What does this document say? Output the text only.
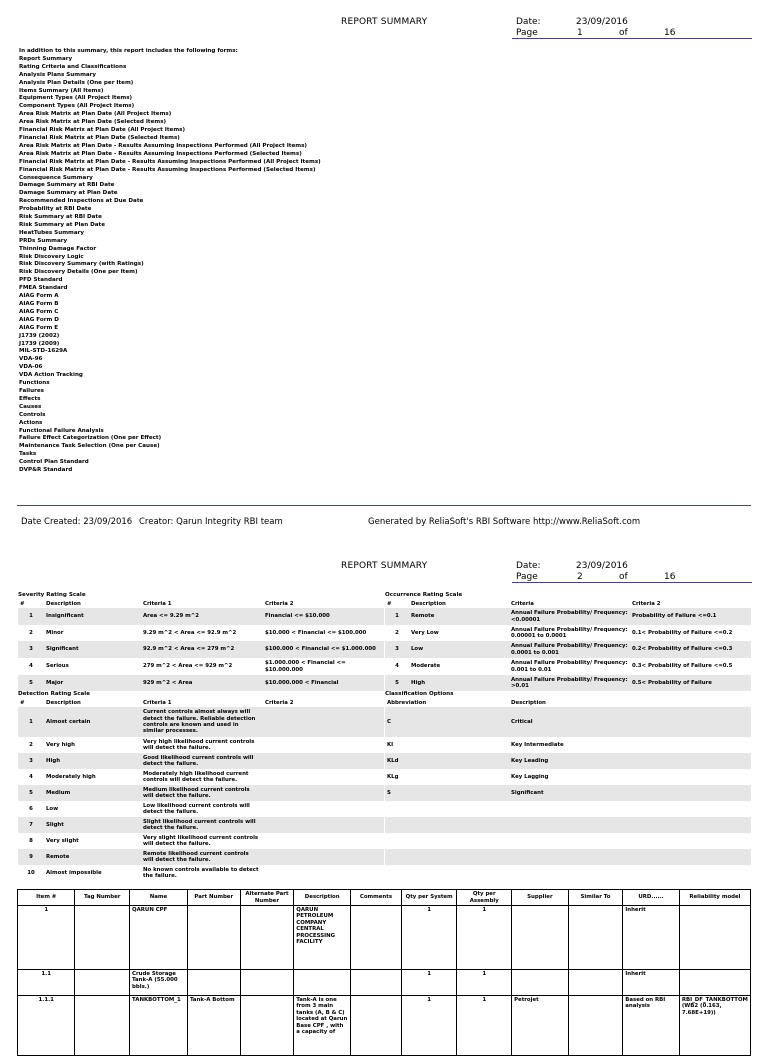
REPORT SUMMARY	Date:	23/09/2016
Page	1	of	16
In addition to this summary, this report includes the following forms:
Report Summary
Rating Criteria and Classifications
Analysis Plans Summary
Analysis Plan Details (One per Item)
Items Summary (All Items)
Equipment Types (All Project Items)
Component Types (All Project Items)
Area Risk Matrix at Plan Date (All Project Items)
Area Risk Matrix at Plan Date (Selected Items)
Financial Risk Matrix at Plan Date (All Project Items)
Financial Risk Matrix at Plan Date (Selected Items)
Area Risk Matrix at Plan Date - Results Assuming Inspections Performed (All Project Items)
Area Risk Matrix at Plan Date - Results Assuming Inspections Performed (Selected Items)
Financial Risk Matrix at Plan Date - Results Assuming Inspections Performed (All Project Items)
Financial Risk Matrix at Plan Date - Results Assuming Inspections Performed (Selected Items)
Consequence Summary
Damage Summary at RBI Date
Damage Summary at Plan Date
Recommended Inspections at Due Date
Probability at RBI Date
Risk Summary at RBI Date
Risk Summary at Plan Date
HeatTubes Summary
PRDs Summary
Thinning Damage Factor
Risk Discovery Logic
Risk Discovery Summary (with Ratings)
Risk Discovery Details (One per Item)
PFD Standard
FMEA Standard
AIAG Form A
AIAG Form B
AIAG Form C
AIAG Form D
AIAG Form E
J1739 (2002)
J1739 (2009)
MIL-STD-1629A
VDA-96
VDA-06
VDA Action Tracking
Functions
Failures
Effects
Causes
Controls
Actions
Functional Failure Analysis
Failure Effect Categorization (One per Effect)
Maintenance Task Selection (One per Cause)
Tasks
Control Plan Standard
DVP&R Standard
Date Created: 23/09/2016 Creator: Qarun Integrity RBI team	Generated by ReliaSoft's RBI Software http://www.ReliaSoft.com
REPORT SUMMARY	Date:	23/09/2016
Page	2	of	16
Severity Rating Scale
#	Description	Criteria 1	Criteria 2
1	Insignificant	Area <= 9.29 m^2	Financial <= $10.000
2	Minor	9.29 m^2 < Area <= 92.9 m^2	$10.000 < Financial <= $100.000
3	Significant	92.9 m^2 < Area <= 279 m^2	$100.000 < Financial <= $1.000.000
4	Serious	279 m^2 < Area <= 929 m^2	$1.000.000 < Financial <= $10.000.000
5	Major	929 m^2 < Area	$10.000.000 < Financial
Occurrence Rating Scale
#	Description	Criteria	Criteria 2
1	Remote	Annual Failure Probability/ Frequency: <0.00001	Probability of Failure <=0.1
2	Very Low	Annual Failure Probability/ Frequency: 0.00001 to 0.0001	0.1< Probability of Failure <=0.2
3	Low	Annual Failure Probability/ Frequency: 0.0001 to 0.001	0.2< Probability of Failure <=0.3
4	Moderate	Annual Failure Probability/ Frequency: 0.001 to 0.01	0.3< Probability of Failure <=0.5
5	High	Annual Failure Probability/ Frequency: >0.01	0.5< Probability of Failure
Detection Rating Scale
#	Description	Criteria 1	Criteria 2
1	Almost certain	Current controls almost always will detect the failure. Reliable detection controls are known and used in similar processes.	
2	Very high	Very high likelihood current controls will detect the failure.	
3	High	Good likelihood current controls will detect the failure.	
4	Moderately high	Moderately high likelihood current controls will detect the failure.	
5	Medium	Medium likelihood current controls will detect the failure.	
6	Low	Low likelihood current controls will detect the failure.	
7	Slight	Slight likelihood current controls will detect the failure.	
8	Very slight	Very slight likelihood current controls will detect the failure.	
9	Remote	Remote likelihood current controls will detect the failure.	
10	Almost impossible	No known controls available to detect the failure.	
Classification Options
Abbreviation	Description
C	Critical
KI	Key Intermediate
KLd	Key Leading
KLg	Key Lagging
S	Significant

Item #	Tag Number	Name	Part Number	Alternate Part Number	Description	Comments	Qty per System	Qty per Assembly	Supplier	Similar To	URD......	Reliability model
1		QARUN CPF			QARUN PETROLEUM COMPANY CENTRAL PROCESSING FACILITY		1	1			Inherit	
1.1		Crude Storage Tank-A (55.000 bbls.)					1	1			Inherit	
1.1.1		TANKBOTTOM_1	Tank-A Bottom		Tank-A is one from 3 main tanks (A, B & C) located at Qarun Base CPF , with a capacity of		1	1	Petrojet		Based on RBI analysis	RBI_DF_TANKBOTTOM (WB2 (0.163, 7.68E+19))
